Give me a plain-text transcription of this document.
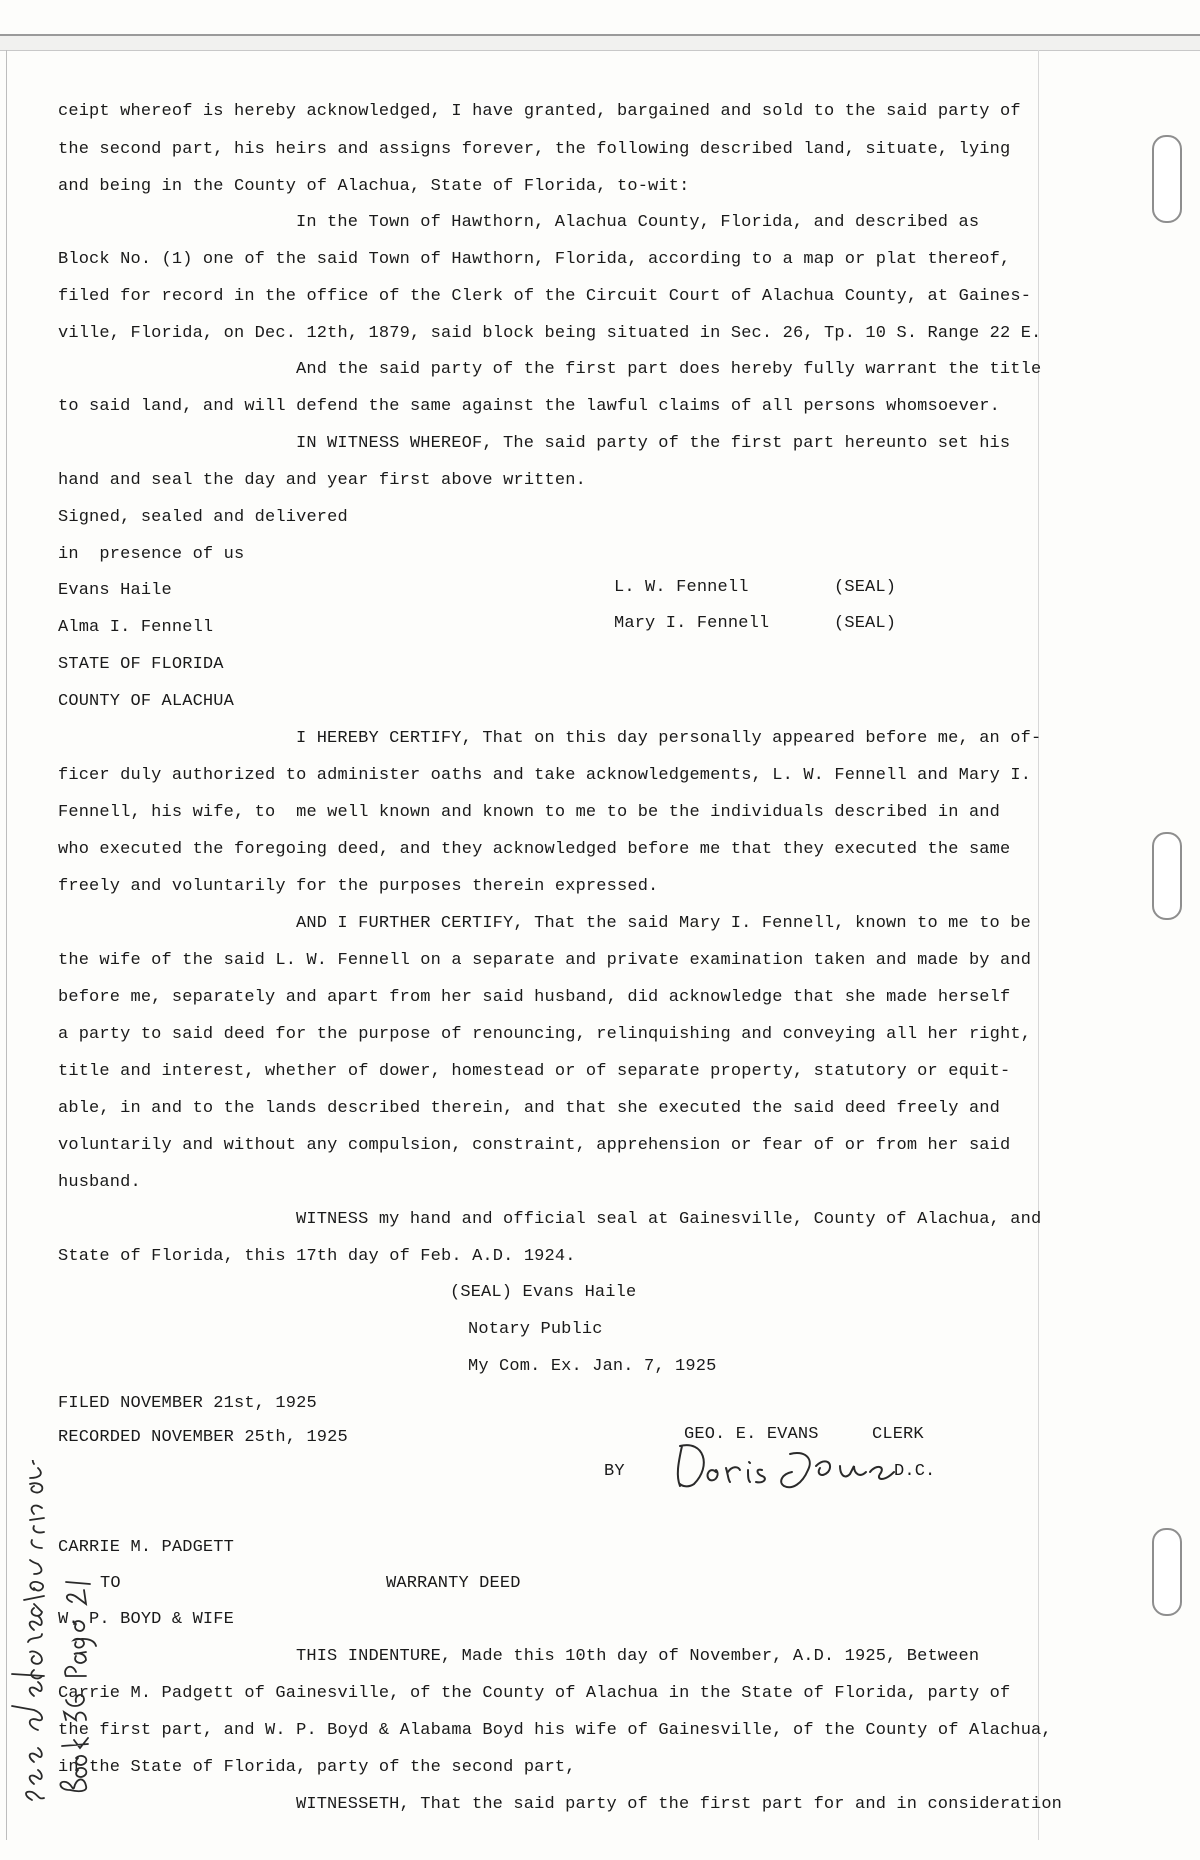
ceipt whereof is hereby acknowledged, I have granted, bargained and sold to the said party of
the second part, his heirs and assigns forever, the following described land, situate, lying
and being in the County of Alachua, State of Florida, to-wit:
In the Town of Hawthorn, Alachua County, Florida, and described as
Block No. (1) one of the said Town of Hawthorn, Florida, according to a map or plat thereof,
filed for record in the office of the Clerk of the Circuit Court of Alachua County, at Gaines-
ville, Florida, on Dec. 12th, 1879, said block being situated in Sec. 26, Tp. 10 S. Range 22 E.
And the said party of the first part does hereby fully warrant the title
to said land, and will defend the same against the lawful claims of all persons whomsoever.
IN WITNESS WHEREOF, The said party of the first part hereunto set his
hand and seal the day and year first above written.
Signed, sealed and delivered
in  presence of us
Evans Haile	L. W. Fennell	(SEAL)
Alma I. Fennell	Mary I. Fennell	(SEAL)
STATE OF FLORIDA
COUNTY OF ALACHUA
I HEREBY CERTIFY, That on this day personally appeared before me, an of-
ficer duly authorized to administer oaths and take acknowledgements, L. W. Fennell and Mary I.
Fennell, his wife, to  me well known and known to me to be the individuals described in and
who executed the foregoing deed, and they acknowledged before me that they executed the same
freely and voluntarily for the purposes therein expressed.
AND I FURTHER CERTIFY, That the said Mary I. Fennell, known to me to be
the wife of the said L. W. Fennell on a separate and private examination taken and made by and
before me, separately and apart from her said husband, did acknowledge that she made herself
a party to said deed for the purpose of renouncing, relinquishing and conveying all her right,
title and interest, whether of dower, homestead or of separate property, statutory or equit-
able, in and to the lands described therein, and that she executed the said deed freely and
voluntarily and without any compulsion, constraint, apprehension or fear of or from her said
husband.
WITNESS my hand and official seal at Gainesville, County of Alachua, and
State of Florida, this 17th day of Feb. A.D. 1924.
(SEAL) Evans Haile
Notary Public
My Com. Ex. Jan. 7, 1925
FILED NOVEMBER 21st, 1925
RECORDED NOVEMBER 25th, 1925	GEO. E. EVANS	CLERK
BY	D.C.
CARRIE M. PADGETT
TO	WARRANTY DEED
W. P. BOYD & WIFE
THIS INDENTURE, Made this 10th day of November, A.D. 1925, Between
Carrie M. Padgett of Gainesville, of the County of Alachua in the State of Florida, party of
the first part, and W. P. Boyd & Alabama Boyd his wife of Gainesville, of the County of Alachua,
in the State of Florida, party of the second part,
WITNESSETH, That the said party of the first part for and in consideration
